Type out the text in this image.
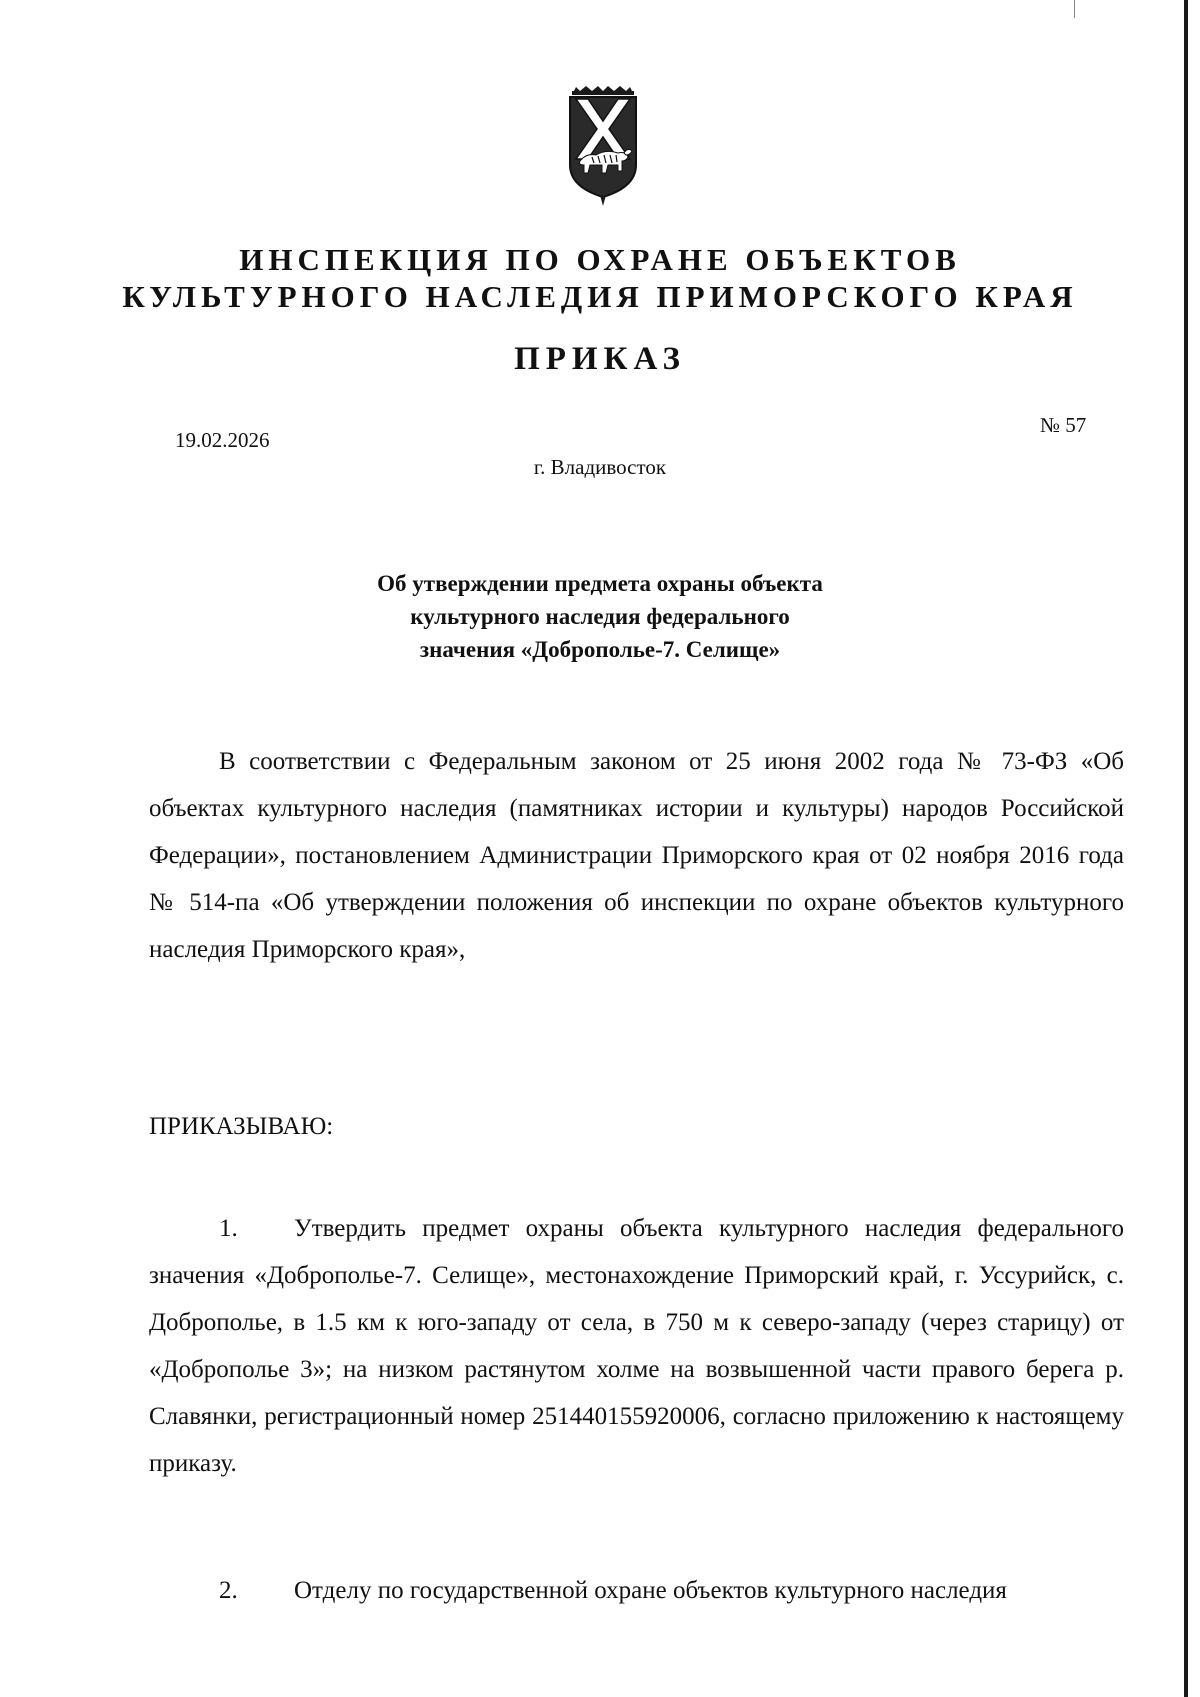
ИНСПЕКЦИЯ ПО ОХРАНЕ ОБЪЕКТОВ
КУЛЬТУРНОГО НАСЛЕДИЯ ПРИМОРСКОГО КРАЯ
ПРИКАЗ
19.02.2026
№ 57
г. Владивосток
Об утверждении предмета охраны объекта
культурного наследия федерального
значения «Доброполье-7. Селище»

В соответствии с Федеральным законом от 25 июня 2002 года № 73-ФЗ «Об объектах культурного наследия (памятниках истории и культуры) народов Российской Федерации», постановлением Администрации Приморского края от 02 ноября 2016 года № 514-па «Об утверждении положения об инспекции по охране объектов культурного наследия Приморского края»,

ПРИКАЗЫВАЮ:

1. Утвердить предмет охраны объекта культурного наследия федерального значения «Доброполье-7. Селище», местонахождение Приморский край, г. Уссурийск, с. Доброполье, в 1.5 км к юго-западу от села, в 750 м к северо-западу (через старицу) от «Доброполье 3»; на низком растянутом холме на возвышенной части правого берега р. Славянки, регистрационный номер 251440155920006, согласно приложению к настоящему приказу.

2. Отделу по государственной охране объектов культурного наследия
